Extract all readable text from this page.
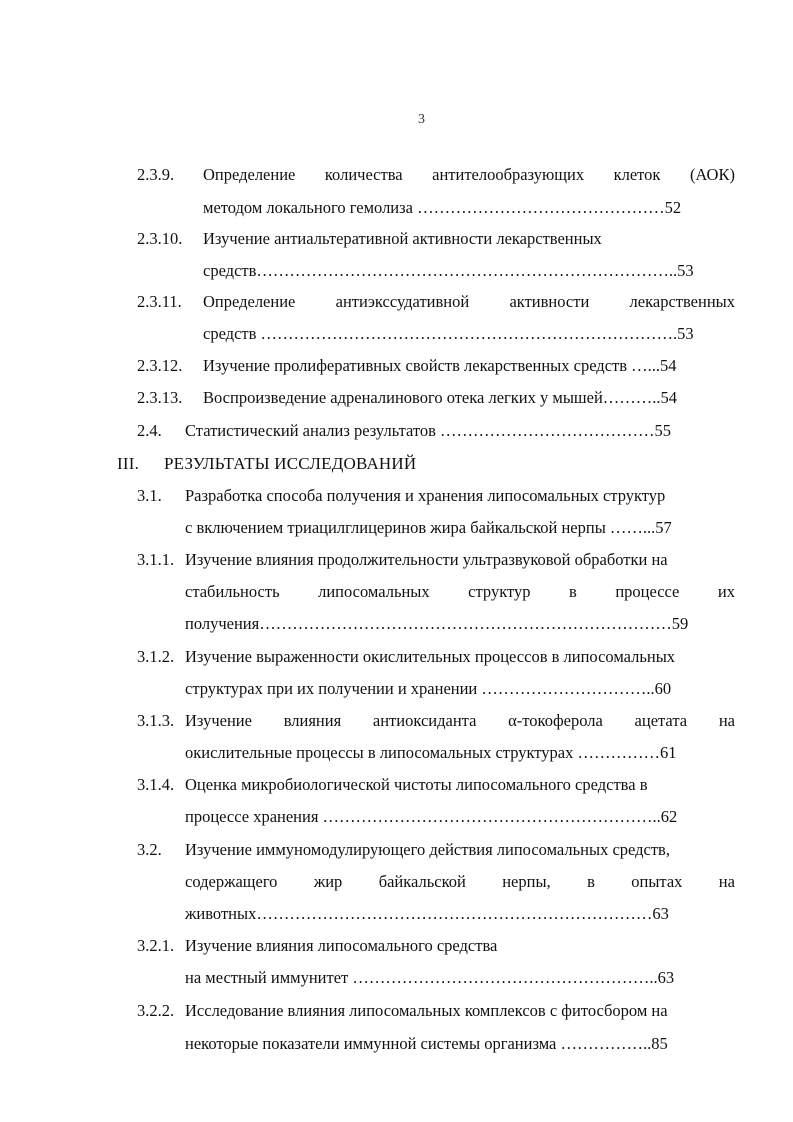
3
2.3.9. Определение количества антителообразующих клеток (АОК)
методом локального гемолиза ………………………………………52
2.3.10. Изучение антиальтеративной активности лекарственных
средств…………………………………………………………………..53
2.3.11. Определение антиэкссудативной активности лекарственных
средств ………………………………………………………………….53
2.3.12. Изучение пролиферативных свойств лекарственных средств …...54
2.3.13. Воспроизведение адреналинового отека легких у мышей………..54
2.4. Статистический анализ результатов …………………………………55
III. РЕЗУЛЬТАТЫ ИССЛЕДОВАНИЙ
3.1. Разработка способа получения и хранения липосомальных структур
с включением триацилглицеринов жира байкальской нерпы ……...57
3.1.1. Изучение влияния продолжительности ультразвуковой обработки на
стабильность липосомальных структур в процессе их
получения…………………………………………………………………59
3.1.2. Изучение выраженности окислительных процессов в липосомальных
структурах при их получении и хранении …………………………..60
3.1.3. Изучение влияния антиоксиданта α-токоферола ацетата на
окислительные процессы в липосомальных структурах ……………61
3.1.4. Оценка микробиологической чистоты липосомального средства в
процессе хранения ……………………………………………………..62
3.2. Изучение иммуномодулирующего действия липосомальных средств,
содержащего жир байкальской нерпы, в опытах на
животных………………………………………………………………63
3.2.1. Изучение влияния липосомального средства
на местный иммунитет ………………………………………………..63
3.2.2. Исследование влияния липосомальных комплексов с фитосбором на
некоторые показатели иммунной системы организма ……………..85
